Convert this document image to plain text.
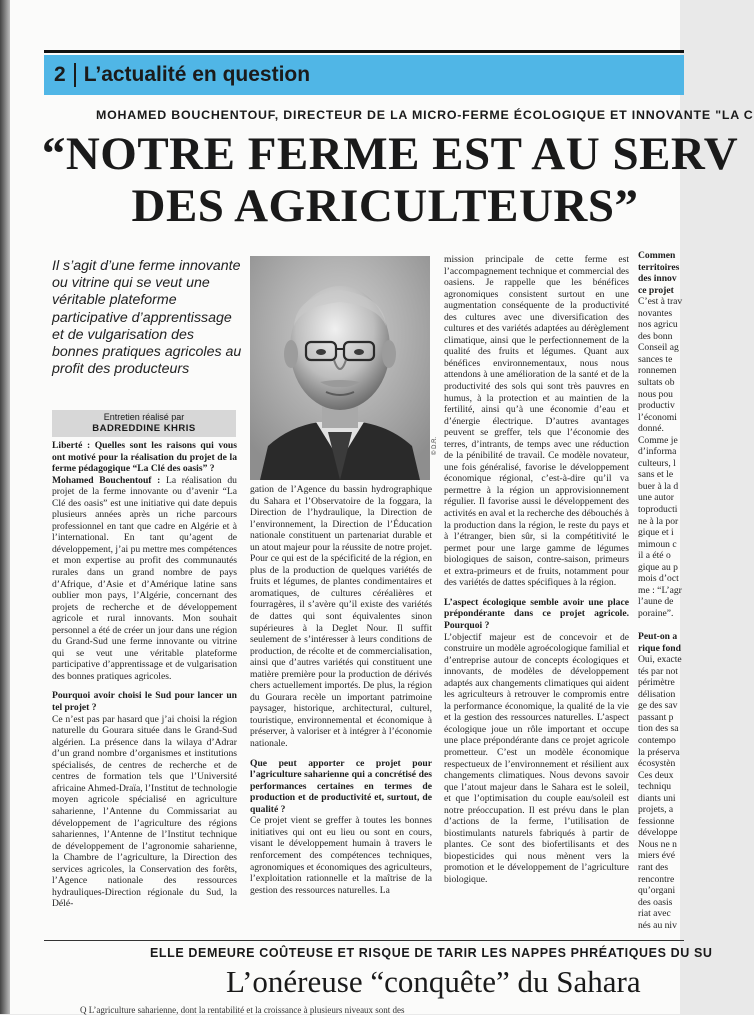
2 L’actualité en question
MOHAMED BOUCHENTOUF, DIRECTEUR DE LA MICRO-FERME ÉCOLOGIQUE ET INNOVANTE "LA C
“NOTRE FERME EST AU SERV
DES AGRICULTEURS”
Il s’agit d’une ferme innovante ou vitrine qui se veut une véritable plateforme participative d’apprentissage et de vulgarisation des bonnes pratiques agricoles au profit des producteurs
Entretien réalisé par
BADREDDINE KHRIS

Liberté : Quelles sont les raisons qui vous ont motivé pour la réalisation du projet de la ferme pédagogique “La Clé des oasis” ?

Mohamed Bouchentouf : La réalisation du projet de la ferme innovante ou d’avenir “La Clé des oasis” est une initiative qui date depuis plusieurs années après un riche parcours professionnel en tant que cadre en Algérie et à l’international. En tant qu’agent de développement, j’ai pu mettre mes compétences et mon expertise au profit des communautés rurales dans un grand nombre de pays d’Afrique, d’Asie et d’Amérique latine sans oublier mon pays, l’Algérie, concernant des projets de recherche et de développement agricole et rural innovants. Mon souhait personnel a été de créer un jour dans une région du Grand-Sud une ferme innovante ou vitrine qui se veut une véritable plateforme participative d’apprentissage et de vulgarisation des bonnes pratiques agricoles.

Pourquoi avoir choisi le Sud pour lancer un tel projet ?

Ce n’est pas par hasard que j’ai choisi la région naturelle du Gourara située dans le Grand-Sud algérien. La présence dans la wilaya d’Adrar d’un grand nombre d’organismes et institutions spécialisés, de centres de recherche et de centres de formation tels que l’Université africaine Ahmed-Draïa, l’Institut de technologie moyen agricole spécialisé en agriculture saharienne, l’Antenne du Commissariat au développement de l’agriculture des régions sahariennes, l’Antenne de l’Institut technique de développement de l’agronomie saharienne, la Chambre de l’agriculture, la Direction des services agricoles, la Conservation des forêts, l’Agence nationale des ressources hydrauliques-Direction régionale du Sud, la Délé-

© D.R.

gation de l’Agence du bassin hydrographique du Sahara et l’Observatoire de la foggara, la Direction de l’hydraulique, la Direction de l’environnement, la Direction de l’Éducation nationale constituent un partenariat durable et un atout majeur pour la réussite de notre projet. Pour ce qui est de la spécificité de la région, en plus de la production de quelques variétés de fruits et légumes, de plantes condimentaires et aromatiques, de cultures céréalières et fourragères, il s’avère qu’il existe des variétés de dattes qui sont équivalentes sinon supérieures à la Deglet Nour. Il suffit seulement de s’intéresser à leurs conditions de production, de récolte et de commercialisation, ainsi que d’autres variétés qui constituent une matière première pour la production de dérivés chers actuellement importés. De plus, la région du Gourara recèle un important patrimoine paysager, historique, architectural, culturel, touristique, environnemental et économique à préserver, à valoriser et à intégrer à l’économie nationale.

Que peut apporter ce projet pour l’agriculture saharienne qui a concrétisé des performances certaines en termes de production et de productivité et, surtout, de qualité ?

Ce projet vient se greffer à toutes les bonnes initiatives qui ont eu lieu ou sont en cours, visant le développement humain à travers le renforcement des compétences techniques, agronomiques et économiques des agriculteurs, l’exploitation rationnelle et la maîtrise de la gestion des ressources naturelles. La

mission principale de cette ferme est l’accompagnement technique et commercial des oasiens. Je rappelle que les bénéfices agronomiques consistent surtout en une augmentation conséquente de la productivité des cultures avec une diversification des cultures et des variétés adaptées au dérèglement climatique, ainsi que le perfectionnement de la qualité des fruits et légumes. Quant aux bénéfices environnementaux, nous nous attendons à une amélioration de la santé et de la productivité des sols qui sont très pauvres en humus, à la protection et au maintien de la fertilité, ainsi qu’à une économie d’eau et d’énergie électrique. D’autres avantages peuvent se greffer, tels que l’économie des terres, d’intrants, de temps avec une réduction de la pénibilité de travail. Ce modèle novateur, une fois généralisé, favorise le développement économique régional, c’est-à-dire qu’il va permettre à la région un approvisionnement régulier. Il favorise aussi le développement des activités en aval et la recherche des débouchés à la production dans la région, le reste du pays et à l’étranger, bien sûr, si la compétitivité le permet pour une large gamme de légumes biologiques de saison, contre-saison, primeurs et extra-primeurs et de fruits, notamment pour des variétés de dattes spécifiques à la région.

L’aspect écologique semble avoir une place prépondérante dans ce projet agricole. Pourquoi ?

L’objectif majeur est de concevoir et de construire un modèle agroécologique familial et d’entreprise autour de concepts écologiques et innovants, de modèles de développement adaptés aux changements climatiques qui aident les agriculteurs à retrouver le compromis entre la performance économique, la qualité de la vie et la gestion des ressources naturelles. L’aspect écologique joue un rôle important et occupe une place prépondérante dans ce projet agricole prometteur. C’est un modèle économique respectueux de l’environnement et résilient aux changements climatiques. Nous devons savoir que l’atout majeur dans le Sahara est le soleil, et que l’optimisation du couple eau/soleil est notre préoccupation. Il est prévu dans le plan d’actions de la ferme, l’utilisation de biostimulants naturels fabriqués à partir de plantes. Ce sont des biofertilisants et des biopesticides qui nous mènent vers la promotion et le développement de l’agriculture biologique.

Commen
territoires
des innov
ce projet
C’est à trav
novantes
nos agricu
des bonn
Conseil ag
sances te
ronnemen
sultats ob
nous pou
productiv
l’économi
donné.
Comme je
d’informa
culteurs, l
sans et le
buer à la d
une autor
toproducti
ne à la por
gique et i
mimoun c
il a été o
gique au p
mois d’oct
me : “L’agr
l’aune de
poraine”.

Peut-on a
rique fond
Oui, exacte
tés par not
périmètre
délisation
ge des sav
passant p
tion des sa
contempo
la préserva
écosystèn
Ces deux
techniqu
diants uni
projets, a
fessionne
développe
Nous ne n
miers évé
rant des
rencontre
qu’organi
des oasis
riat avec
nés au niv
ELLE DEMEURE COÛTEUSE ET RISQUE DE TARIR LES NAPPES PHRÉATIQUES DU SU
L’onéreuse “conquête” du Sahara
Q L’agriculture saharienne, dont la rentabilité et la croissance à plusieurs niveaux sont des
